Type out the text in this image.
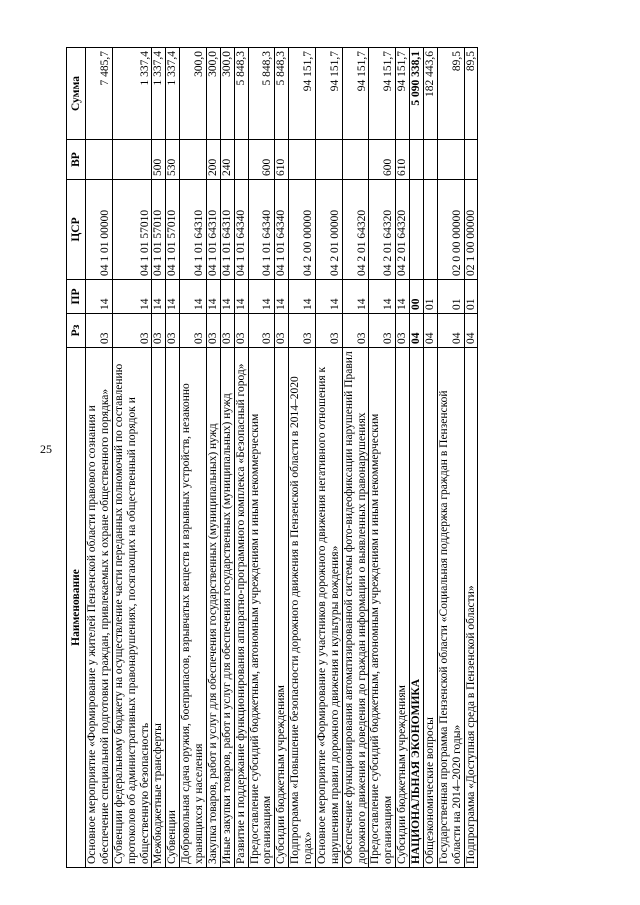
25
Наименование	Рз	ПР	ЦСР	ВР	Сумма
Основное мероприятие «Формирование у жителей Пензенской области правового сознания и обеспечение специальной подготовки граждан, привлекаемых к охране общественного порядка»	03	14	04 1 01 00000		7 485,7
Субвенции федеральному бюджету на осуществление части переданных полномочий по составлению протоколов об административных правонарушениях, посягающих на общественный порядок и общественную безопасность	03	14	04 1 01 57010		1 337,4
Межбюджетные трансферты	03	14	04 1 01 57010	500	1 337,4
Субвенции	03	14	04 1 01 57010	530	1 337,4
Добровольная сдача оружия, боеприпасов, взрывчатых веществ и взрывных устройств, незаконно хранящихся у населения	03	14	04 1 01 64310		300,0
Закупка товаров, работ и услуг для обеспечения государственных (муниципальных) нужд	03	14	04 1 01 64310	200	300,0
Иные закупки товаров, работ и услуг для обеспечения государственных (муниципальных) нужд	03	14	04 1 01 64310	240	300,0
Развитие и поддержание функционирования аппаратно-программного комплекса «Безопасный город»	03	14	04 1 01 64340		5 848,3
Предоставление субсидий бюджетным, автономным учреждениям и иным некоммерческим организациям	03	14	04 1 01 64340	600	5 848,3
Субсидии бюджетным учреждениям	03	14	04 1 01 64340	610	5 848,3
Подпрограмма «Повышение безопасности дорожного движения в Пензенской области в 2014–2020 годах»	03	14	04 2 00 00000		94 151,7
Основное мероприятие «Формирование у участников дорожного движения негативного отношения к нарушениям правил дорожного движения и культуры вождения»	03	14	04 2 01 00000		94 151,7
Обеспечение функционирования автоматизированной системы фото-видеофиксации нарушений Правил дорожного движения и доведения до граждан информации о выявленных правонарушениях	03	14	04 2 01 64320		94 151,7
Предоставление субсидий бюджетным, автономным учреждениям и иным некоммерческим организациям	03	14	04 2 01 64320	600	94 151,7
Субсидии бюджетным учреждениям	03	14	04 2 01 64320	610	94 151,7
НАЦИОНАЛЬНАЯ ЭКОНОМИКА	04	00			5 090 338,1
Общеэкономические вопросы	04	01			182 443,6
Государственная программа Пензенской области «Социальная поддержка граждан в Пензенской области на 2014–2020 годы»	04	01	02 0 00 00000		89,5
Подпрограмма «Доступная среда в Пензенской области»	04	01	02 1 00 00000		89,5
